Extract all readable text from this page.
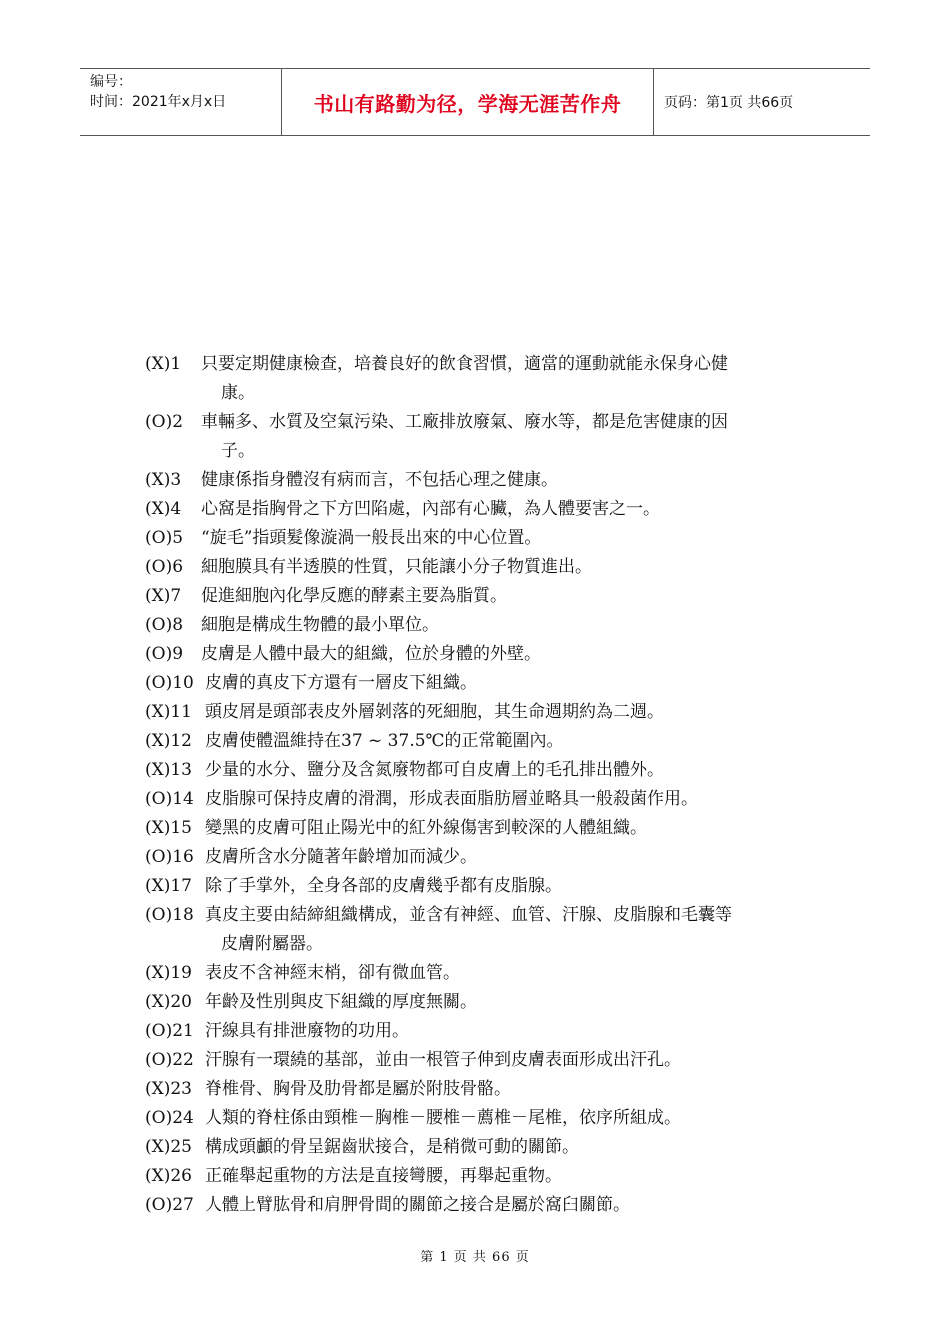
编号：
时间：2021年x月x日	书山有路勤为径，学海无涯苦作舟	页码：第1页 共66页
(X)1 只要定期健康檢查，培養良好的飲食習慣，適當的運動就能永保身心健
康。
(O)2 車輛多、水質及空氣污染、工廠排放廢氣、廢水等，都是危害健康的因
子。
(X)3 健康係指身體沒有病而言，不包括心理之健康。
(X)4 心窩是指胸骨之下方凹陷處，內部有心臟，為人體要害之一。
(O)5 “旋毛”指頭髮像漩渦一般長出來的中心位置。
(O)6 細胞膜具有半透膜的性質，只能讓小分子物質進出。
(X)7 促進細胞內化學反應的酵素主要為脂質。
(O)8 細胞是構成生物體的最小單位。
(O)9 皮膚是人體中最大的組織，位於身體的外壁。
(O)10 皮膚的真皮下方還有一層皮下組織。
(X)11 頭皮屑是頭部表皮外層剝落的死細胞，其生命週期約為二週。
(X)12 皮膚使體溫維持在37 ~ 37.5℃的正常範圍內。
(X)13 少量的水分、鹽分及含氮廢物都可自皮膚上的毛孔排出體外。
(O)14 皮脂腺可保持皮膚的滑潤，形成表面脂肪層並略具一般殺菌作用。
(X)15 變黑的皮膚可阻止陽光中的紅外線傷害到較深的人體組織。
(O)16 皮膚所含水分隨著年齡增加而減少。
(X)17 除了手掌外，全身各部的皮膚幾乎都有皮脂腺。
(O)18 真皮主要由結締組織構成，並含有神經、血管、汗腺、皮脂腺和毛囊等
皮膚附屬器。
(X)19 表皮不含神經末梢，卻有微血管。
(X)20 年齡及性別與皮下組織的厚度無關。
(O)21 汗線具有排泄廢物的功用。
(O)22 汗腺有一環繞的基部，並由一根管子伸到皮膚表面形成出汗孔。
(X)23 脊椎骨、胸骨及肋骨都是屬於附肢骨骼。
(O)24 人類的脊柱係由頸椎－胸椎－腰椎－薦椎－尾椎，依序所組成。
(X)25 構成頭顱的骨呈鋸齒狀接合，是稍微可動的關節。
(X)26 正確舉起重物的方法是直接彎腰，再舉起重物。
(O)27 人體上臂肱骨和肩胛骨間的關節之接合是屬於窩臼關節。
第 1 页 共 66 页
